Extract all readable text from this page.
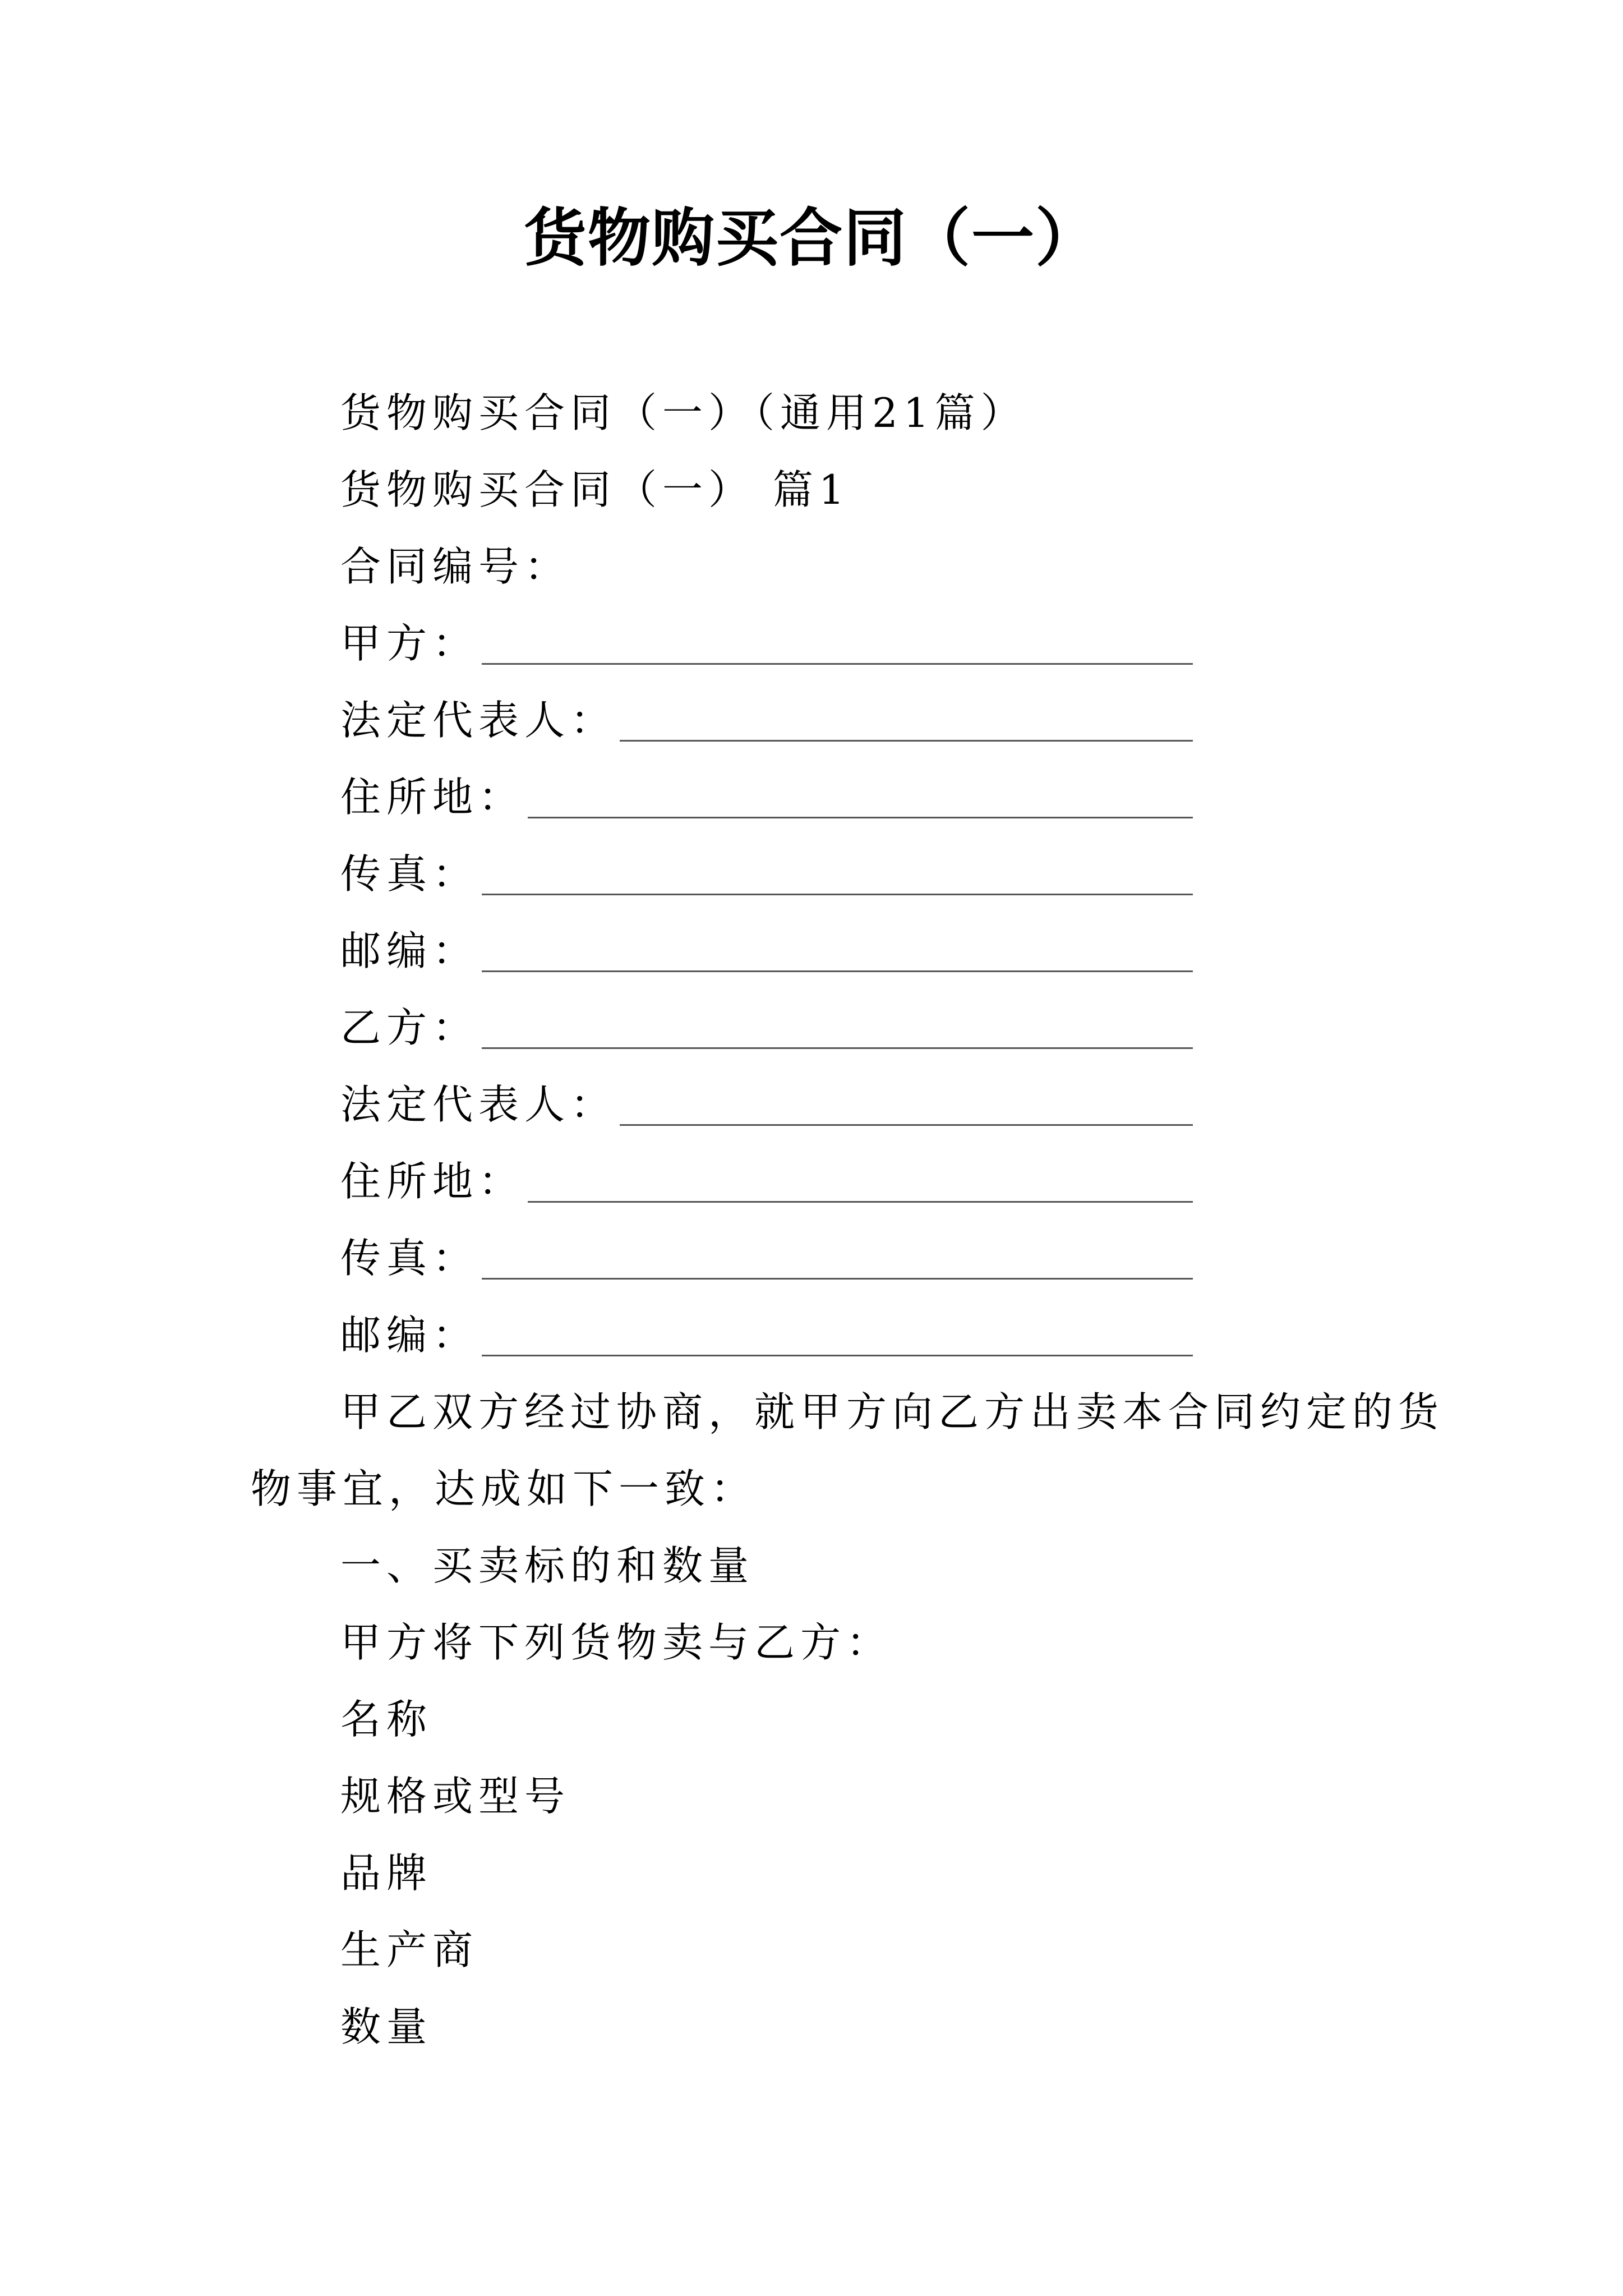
货物购买合同（一）
货物购买合同（一）（通用21篇）
货物购买合同（一） 篇1
合同编号：
甲方：
法定代表人：
住所地：
传真：
邮编：
乙方：
法定代表人：
住所地：
传真：
邮编：
甲乙双方经过协商，就甲方向乙方出卖本合同约定的货
物事宜，达成如下一致：
一、买卖标的和数量
甲方将下列货物卖与乙方：
名称
规格或型号
品牌
生产商
数量
